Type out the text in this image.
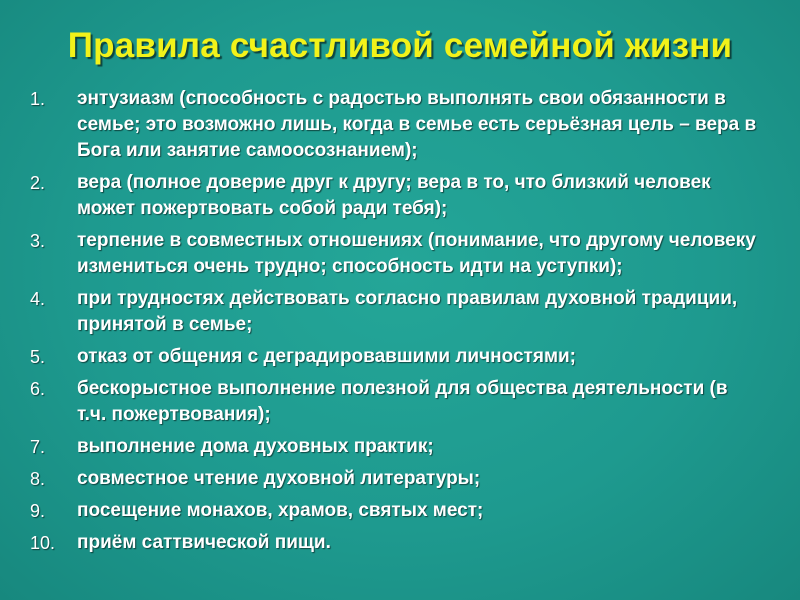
Правила счастливой семейной жизни
1.	энтузиазм (способность с радостью выполнять свои обязанности в семье; это возможно лишь, когда в семье есть серьёзная цель – вера в Бога или занятие самоосознанием);
2.	вера (полное доверие друг к другу; вера в то, что близкий человек может пожертвовать собой ради тебя);
3.	терпение в совместных отношениях (понимание, что другому человеку измениться очень трудно; способность идти на уступки);
4.	при трудностях действовать согласно правилам духовной традиции, принятой в семье;
5.	отказ от общения с деградировавшими личностями;
6.	бескорыстное выполнение полезной для общества деятельности (в т.ч. пожертвования);
7.	выполнение дома духовных практик;
8.	совместное чтение духовной литературы;
9.	посещение монахов, храмов, святых мест;
10.	приём саттвической пищи.
